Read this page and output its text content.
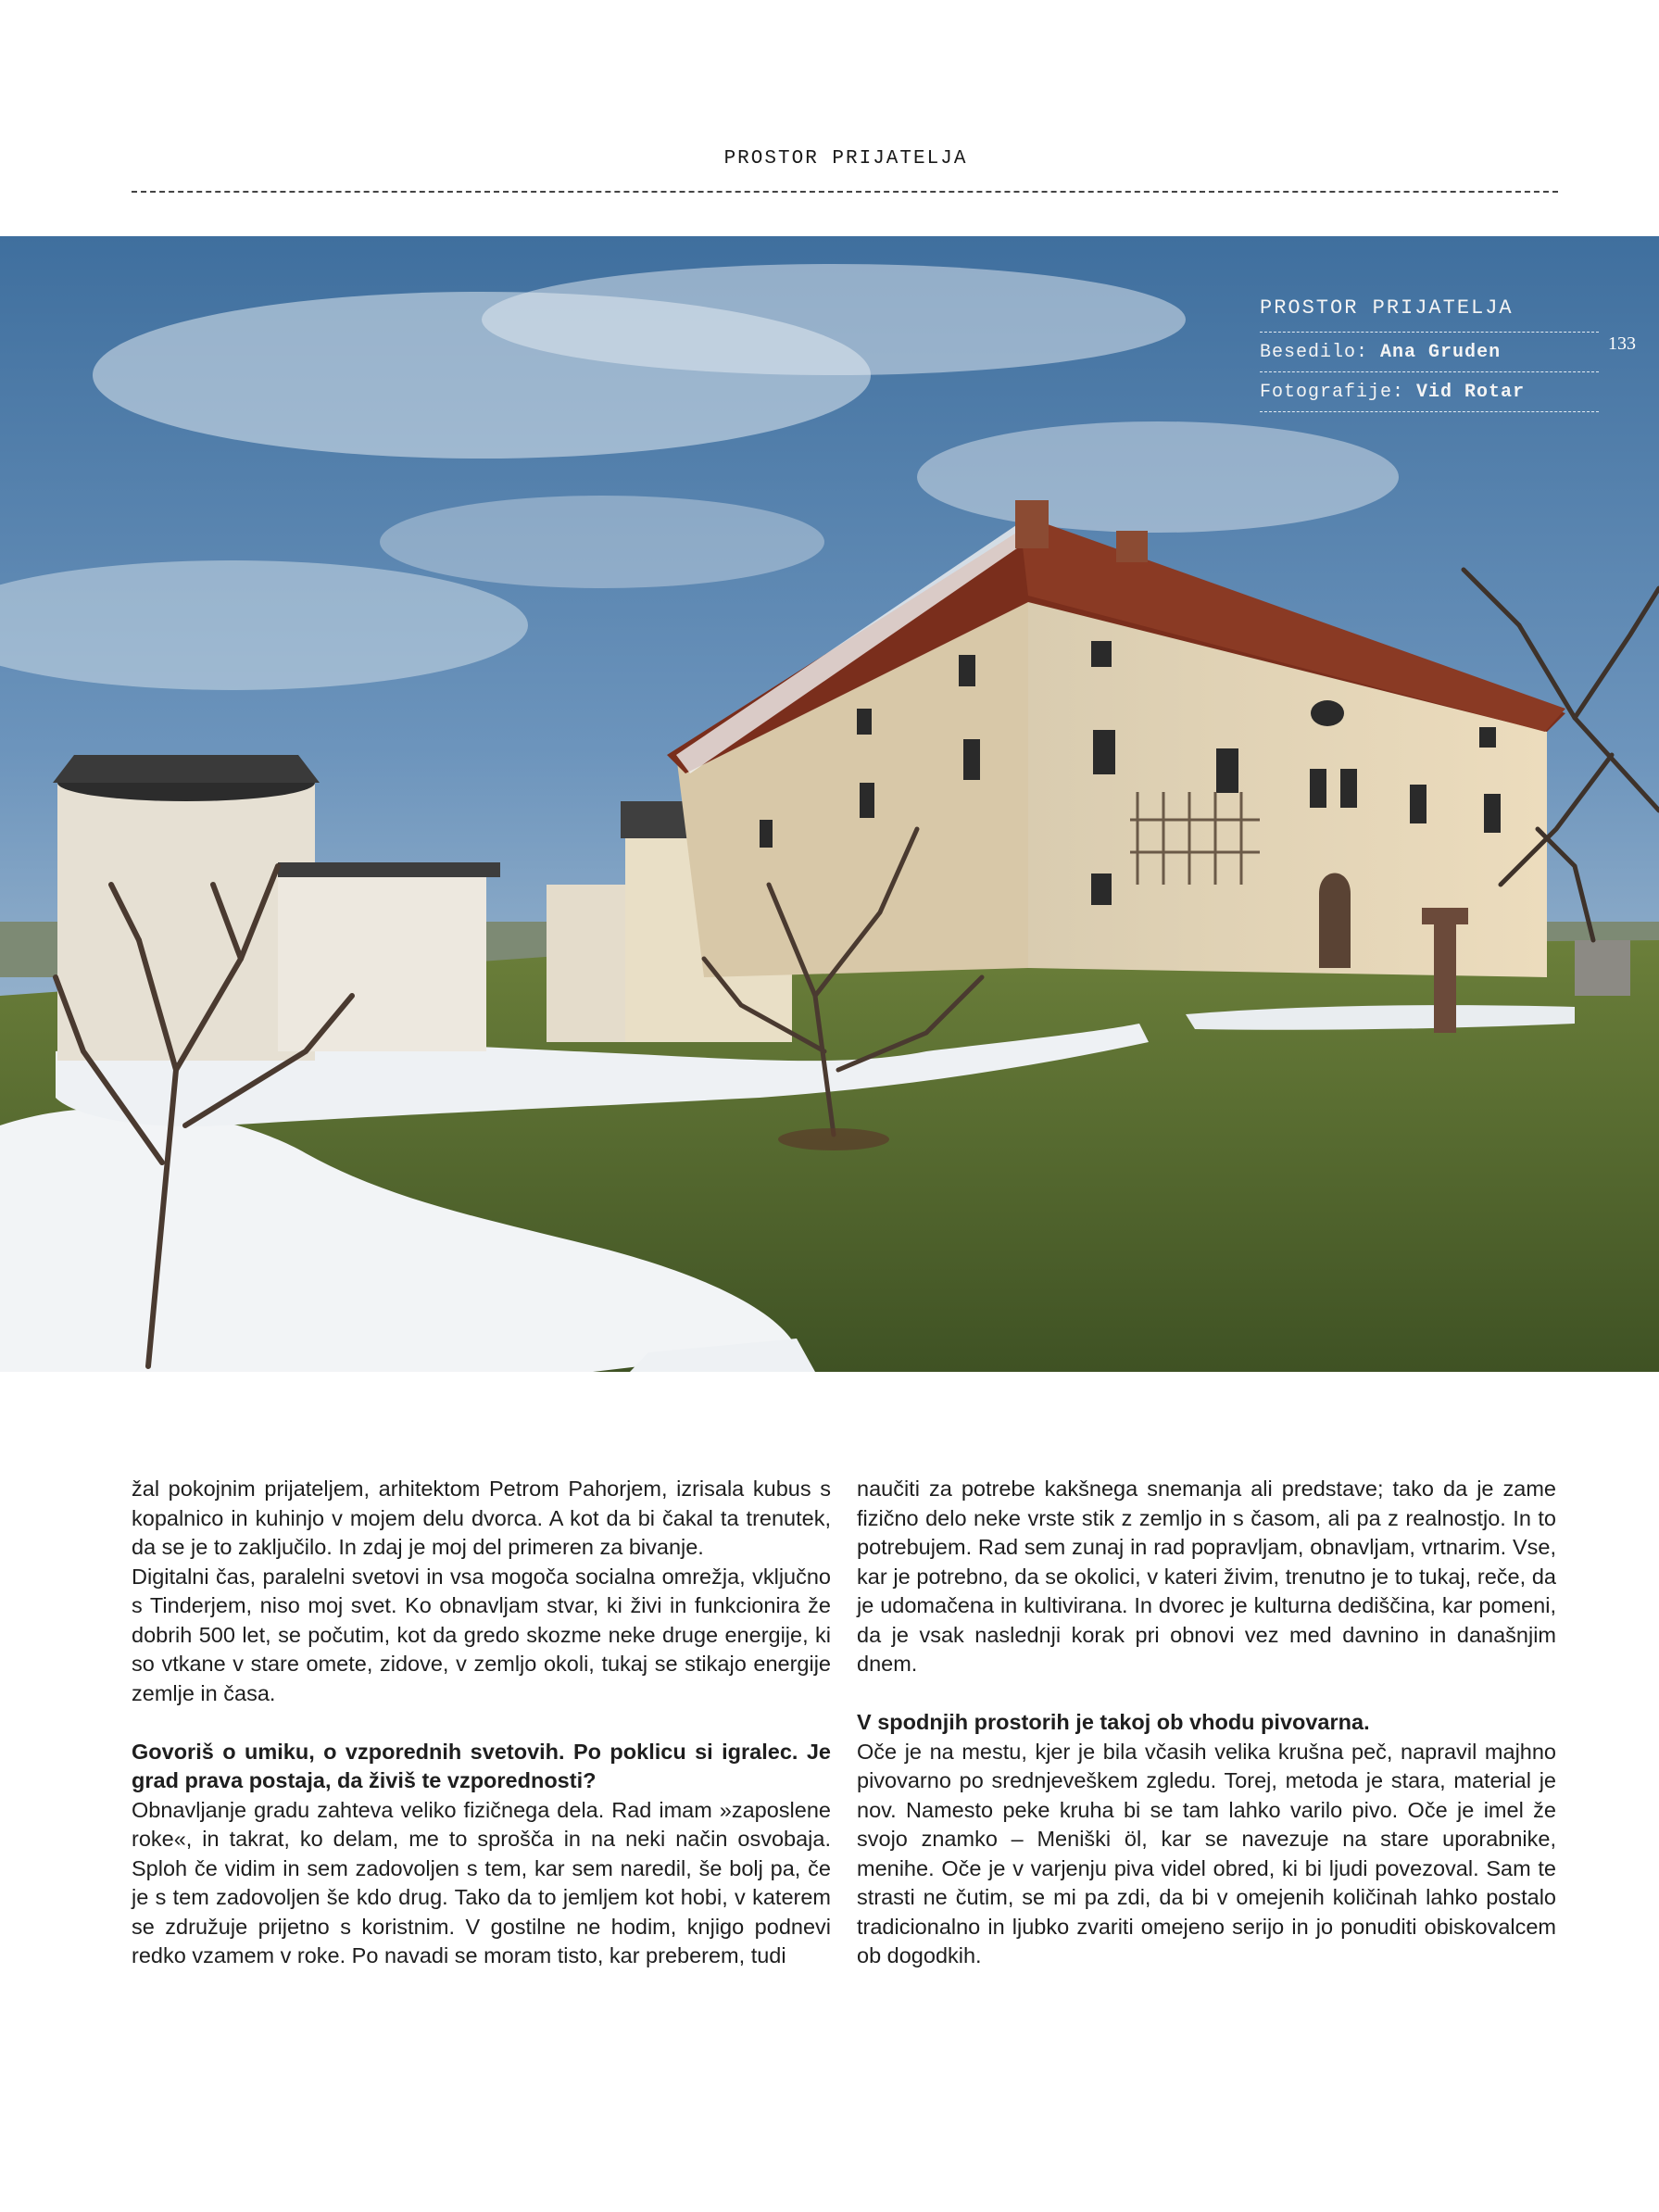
PROSTOR PRIJATELJA
PROSTOR PRIJATELJA
Besedilo: Ana Gruden
Fotografije: Vid Rotar
133

žal pokojnim prijateljem, arhitektom Petrom Pahorjem, izrisala kubus s kopalnico in kuhinjo v mojem delu dvorca. A kot da bi čakal ta trenutek, da se je to zaključilo. In zdaj je moj del primeren za bivanje.

Digitalni čas, paralelni svetovi in vsa mogoča socialna omrežja, vključno s Tinderjem, niso moj svet. Ko obnavljam stvar, ki živi in funkcionira že dobrih 500 let, se počutim, kot da gredo skozme neke druge energije, ki so vtkane v stare omete, zidove, v zemljo okoli, tukaj se stikajo energije zemlje in časa.

Govoriš o umiku, o vzporednih svetovih. Po poklicu si igralec. Je grad prava postaja, da živiš te vzporednosti?

Obnavljanje gradu zahteva veliko fizičnega dela. Rad imam »zaposlene roke«, in takrat, ko delam, me to sprošča in na neki način osvobaja. Sploh če vidim in sem zadovoljen s tem, kar sem naredil, še bolj pa, če je s tem zadovoljen še kdo drug. Tako da to jemljem kot hobi, v katerem se združuje prijetno s koristnim. V gostilne ne hodim, knjigo podnevi redko vzamem v roke. Po navadi se moram tisto, kar preberem, tudi

naučiti za potrebe kakšnega snemanja ali predstave; tako da je zame fizično delo neke vrste stik z zemljo in s časom, ali pa z realnostjo. In to potrebujem. Rad sem zunaj in rad popravljam, obnavljam, vrtnarim. Vse, kar je potrebno, da se okolici, v kateri živim, trenutno je to tukaj, reče, da je udomačena in kultivirana. In dvorec je kulturna dediščina, kar pomeni, da je vsak naslednji korak pri obnovi vez med davnino in današnjim dnem.

V spodnjih prostorih je takoj ob vhodu pivovarna.

Oče je na mestu, kjer je bila včasih velika krušna peč, napravil majhno pivovarno po srednjeveškem zgledu. Torej, metoda je stara, material je nov. Namesto peke kruha bi se tam lahko varilo pivo. Oče je imel že svojo znamko – Meniški öl, kar se navezuje na stare uporabnike, menihe. Oče je v varjenju piva videl obred, ki bi ljudi povezoval. Sam te strasti ne čutim, se mi pa zdi, da bi v omejenih količinah lahko postalo tradicionalno in ljubko zvariti omejeno serijo in jo ponuditi obiskovalcem ob dogodkih.
